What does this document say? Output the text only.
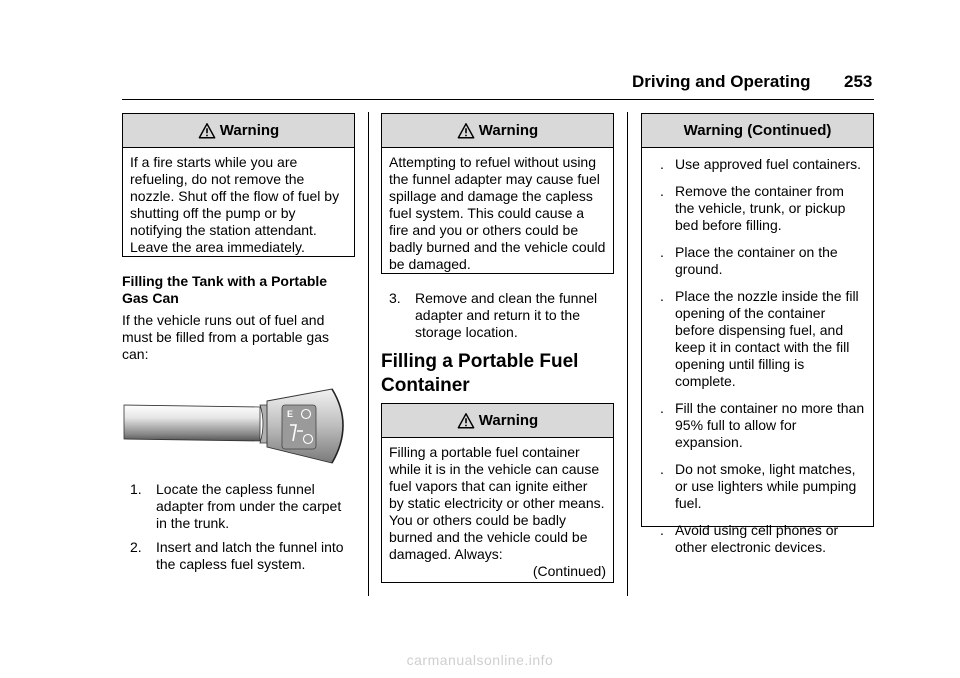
Driving and Operating 253
Warning

If a fire starts while you are refueling, do not remove the nozzle. Shut off the flow of fuel by shutting off the pump or by notifying the station attendant. Leave the area immediately.

Filling the Tank with a Portable Gas Can
If the vehicle runs out of fuel and must be filled from a portable gas can:
E
1.	Locate the capless funnel adapter from under the carpet in the trunk.
2.	Insert and latch the funnel into the capless fuel system.
Warning

Attempting to refuel without using the funnel adapter may cause fuel spillage and damage the capless fuel system. This could cause a fire and you or others could be badly burned and the vehicle could be damaged.

3.	Remove and clean the funnel adapter and return it to the storage location.
Filling a Portable Fuel Container
Warning

Filling a portable fuel container while it is in the vehicle can cause fuel vapors that can ignite either by static electricity or other means. You or others could be badly burned and the vehicle could be damaged. Always:

(Continued)

Warning (Continued)
. Use approved fuel containers.
. Remove the container from the vehicle, trunk, or pickup bed before filling.
. Place the container on the ground.
. Place the nozzle inside the fill opening of the container before dispensing fuel, and keep it in contact with the fill opening until filling is complete.
. Fill the container no more than 95% full to allow for expansion.
. Do not smoke, light matches, or use lighters while pumping fuel.
. Avoid using cell phones or other electronic devices.
carmanualsonline.info
